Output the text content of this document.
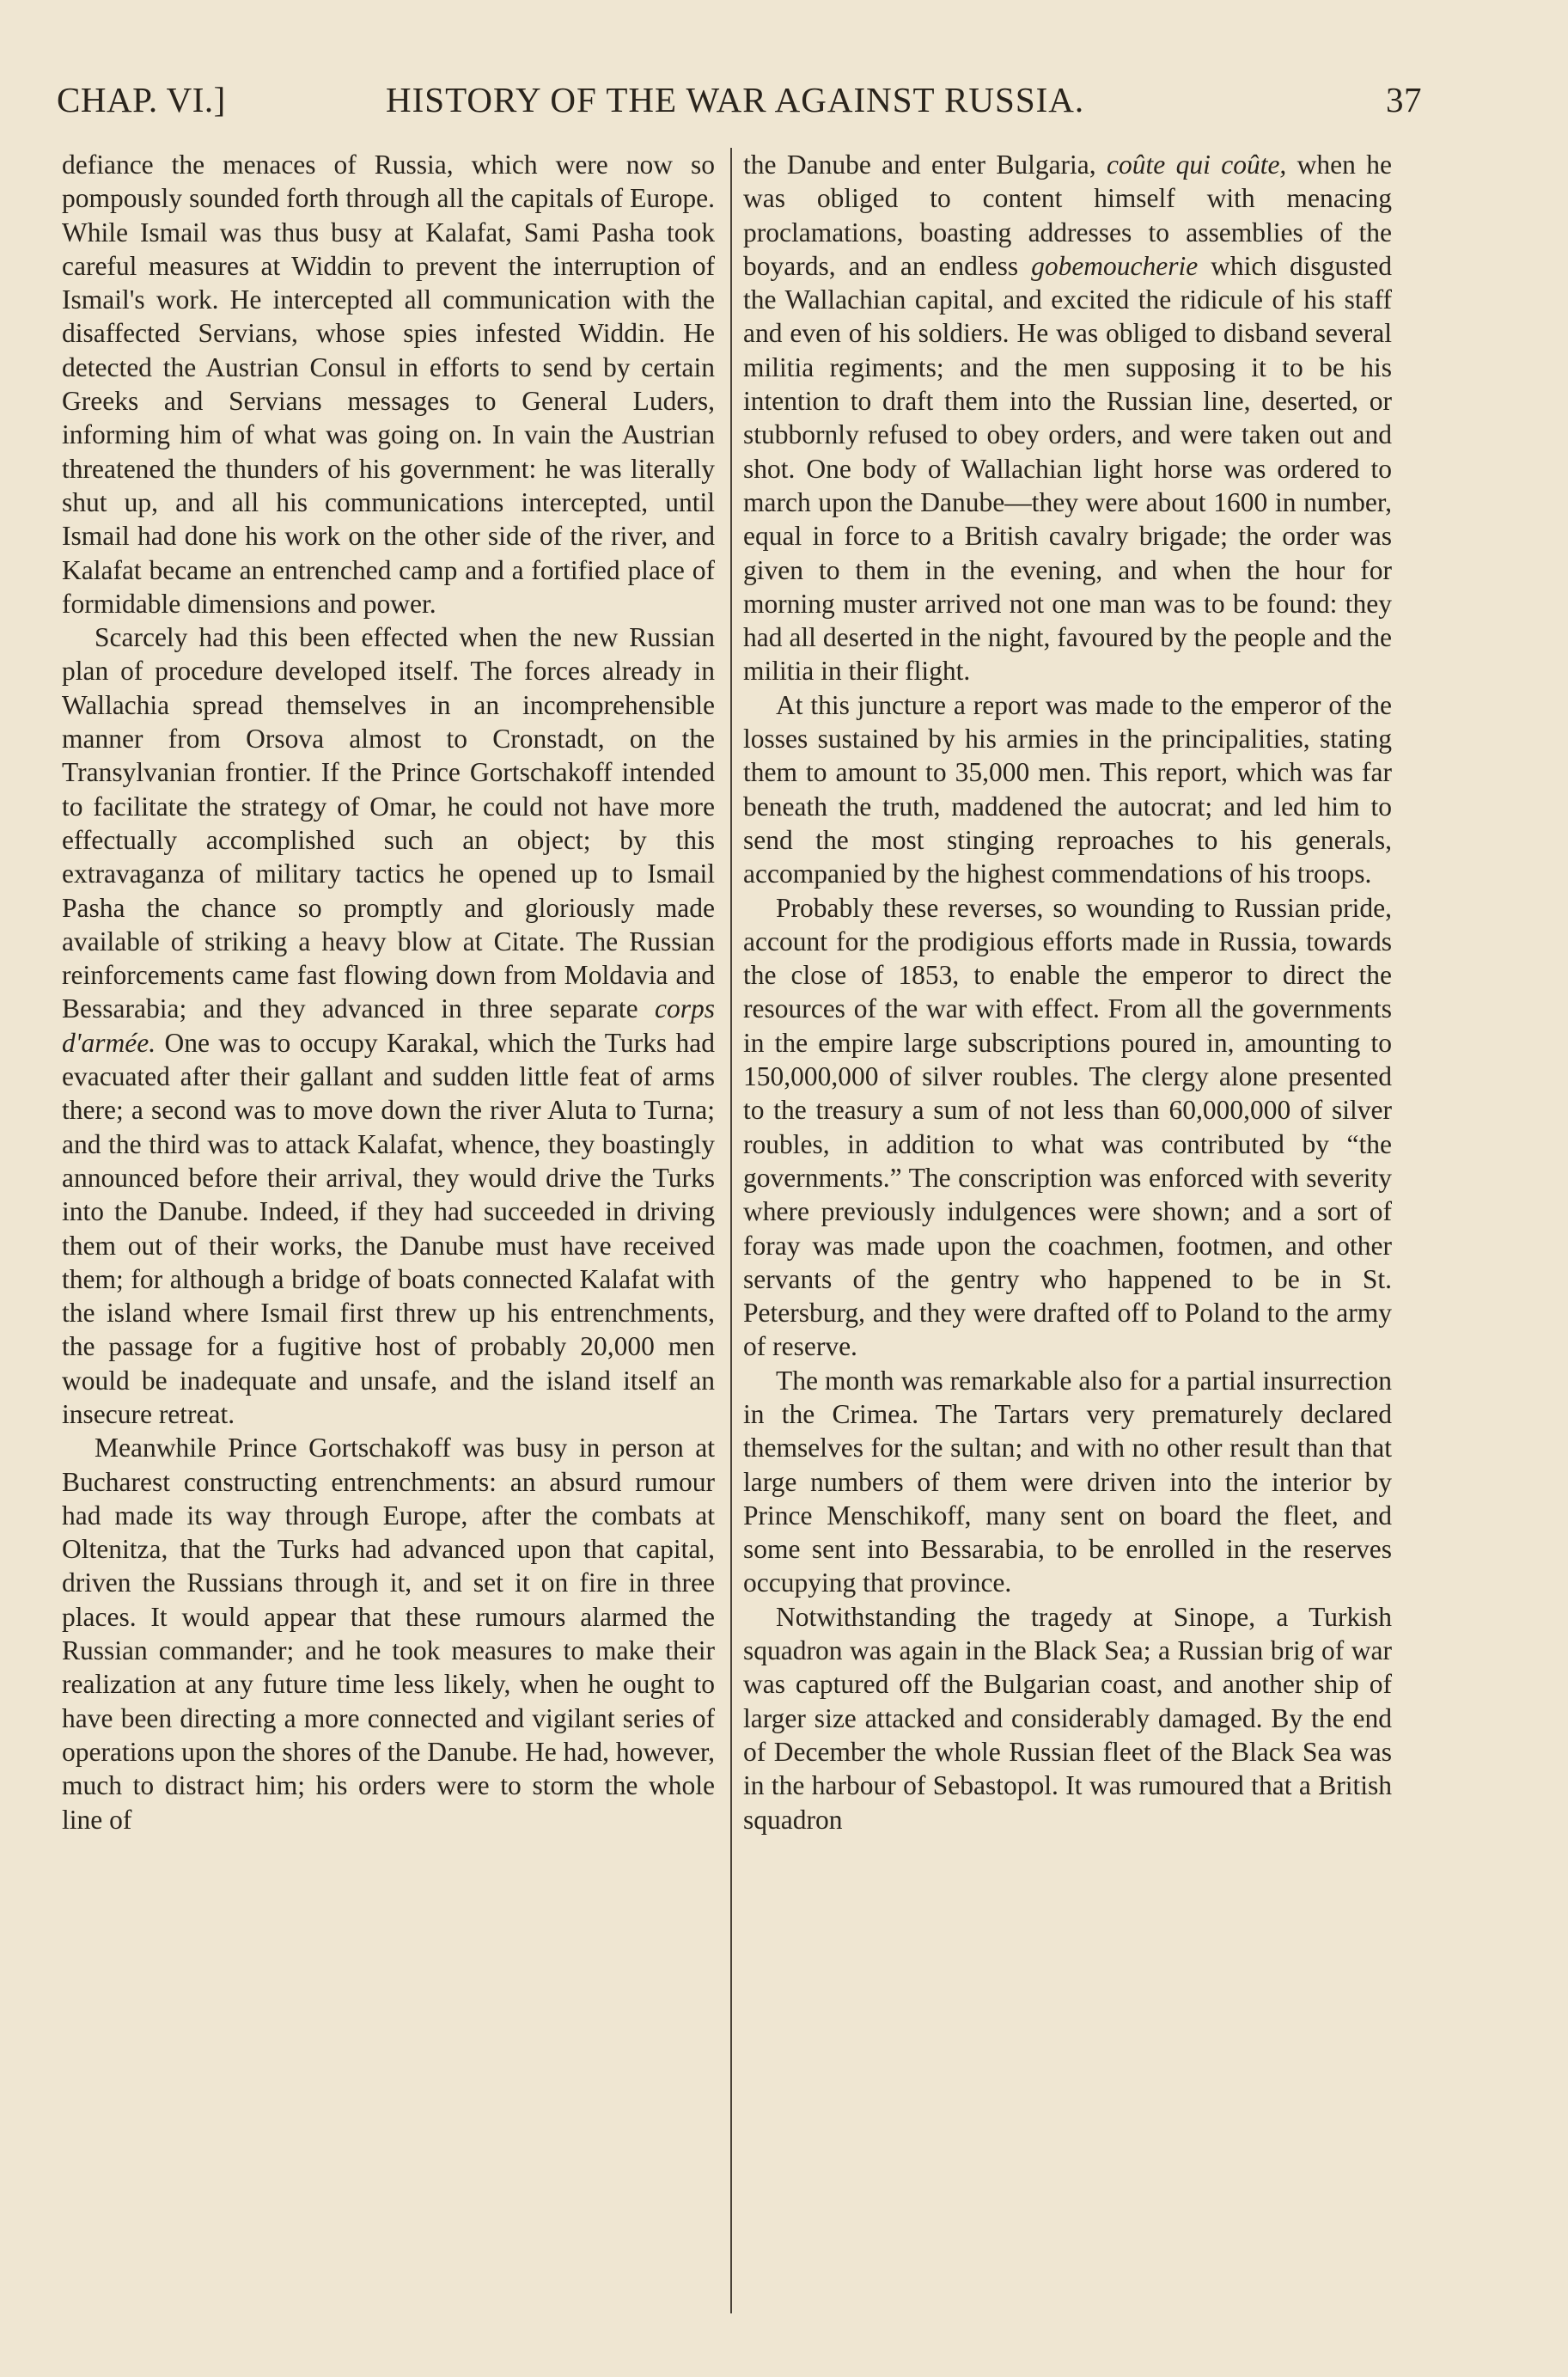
CHAP. VI.]	HISTORY OF THE WAR AGAINST RUSSIA.	37

defiance the menaces of Russia, which were now so pompously sounded forth through all the capitals of Europe. While Ismail was thus busy at Kalafat, Sami Pasha took careful measures at Widdin to prevent the interruption of Ismail's work. He intercepted all communication with the disaffected Servians, whose spies infested Widdin. He detected the Austrian Consul in efforts to send by certain Greeks and Servians messages to General Luders, informing him of what was going on. In vain the Austrian threatened the thunders of his government: he was literally shut up, and all his communications intercepted, until Ismail had done his work on the other side of the river, and Kalafat became an entrenched camp and a fortified place of formidable dimensions and power.

Scarcely had this been effected when the new Russian plan of procedure developed itself. The forces already in Wallachia spread themselves in an incomprehensible manner from Orsova almost to Cronstadt, on the Transylvanian frontier. If the Prince Gortschakoff intended to facilitate the strategy of Omar, he could not have more effectually accomplished such an object; by this extravaganza of military tactics he opened up to Ismail Pasha the chance so promptly and gloriously made available of striking a heavy blow at Citate. The Russian reinforcements came fast flowing down from Moldavia and Bessarabia; and they advanced in three separate corps d'armée. One was to occupy Karakal, which the Turks had evacuated after their gallant and sudden little feat of arms there; a second was to move down the river Aluta to Turna; and the third was to attack Kalafat, whence, they boastingly announced before their arrival, they would drive the Turks into the Danube. Indeed, if they had succeeded in driving them out of their works, the Danube must have received them; for although a bridge of boats connected Kalafat with the island where Ismail first threw up his entrenchments, the passage for a fugitive host of probably 20,000 men would be inadequate and unsafe, and the island itself an insecure retreat.

Meanwhile Prince Gortschakoff was busy in person at Bucharest constructing entrenchments: an absurd rumour had made its way through Europe, after the combats at Oltenitza, that the Turks had advanced upon that capital, driven the Russians through it, and set it on fire in three places. It would appear that these rumours alarmed the Russian commander; and he took measures to make their realization at any future time less likely, when he ought to have been directing a more connected and vigilant series of operations upon the shores of the Danube. He had, however, much to distract him; his orders were to storm the whole line of

the Danube and enter Bulgaria, coûte qui coûte, when he was obliged to content himself with menacing proclamations, boasting addresses to assemblies of the boyards, and an endless gobemoucherie which disgusted the Wallachian capital, and excited the ridicule of his staff and even of his soldiers. He was obliged to disband several militia regiments; and the men supposing it to be his intention to draft them into the Russian line, deserted, or stubbornly refused to obey orders, and were taken out and shot. One body of Wallachian light horse was ordered to march upon the Danube—they were about 1600 in number, equal in force to a British cavalry brigade; the order was given to them in the evening, and when the hour for morning muster arrived not one man was to be found: they had all deserted in the night, favoured by the people and the militia in their flight.

At this juncture a report was made to the emperor of the losses sustained by his armies in the principalities, stating them to amount to 35,000 men. This report, which was far beneath the truth, maddened the autocrat; and led him to send the most stinging reproaches to his generals, accompanied by the highest commendations of his troops.

Probably these reverses, so wounding to Russian pride, account for the prodigious efforts made in Russia, towards the close of 1853, to enable the emperor to direct the resources of the war with effect. From all the governments in the empire large subscriptions poured in, amounting to 150,000,000 of silver roubles. The clergy alone presented to the treasury a sum of not less than 60,000,000 of silver roubles, in addition to what was contributed by “the governments.” The conscription was enforced with severity where previously indulgences were shown; and a sort of foray was made upon the coachmen, footmen, and other servants of the gentry who happened to be in St. Petersburg, and they were drafted off to Poland to the army of reserve.

The month was remarkable also for a partial insurrection in the Crimea. The Tartars very prematurely declared themselves for the sultan; and with no other result than that large numbers of them were driven into the interior by Prince Menschikoff, many sent on board the fleet, and some sent into Bessarabia, to be enrolled in the reserves occupying that province.

Notwithstanding the tragedy at Sinope, a Turkish squadron was again in the Black Sea; a Russian brig of war was captured off the Bulgarian coast, and another ship of larger size attacked and considerably damaged. By the end of December the whole Russian fleet of the Black Sea was in the harbour of Sebastopol. It was rumoured that a British squadron
